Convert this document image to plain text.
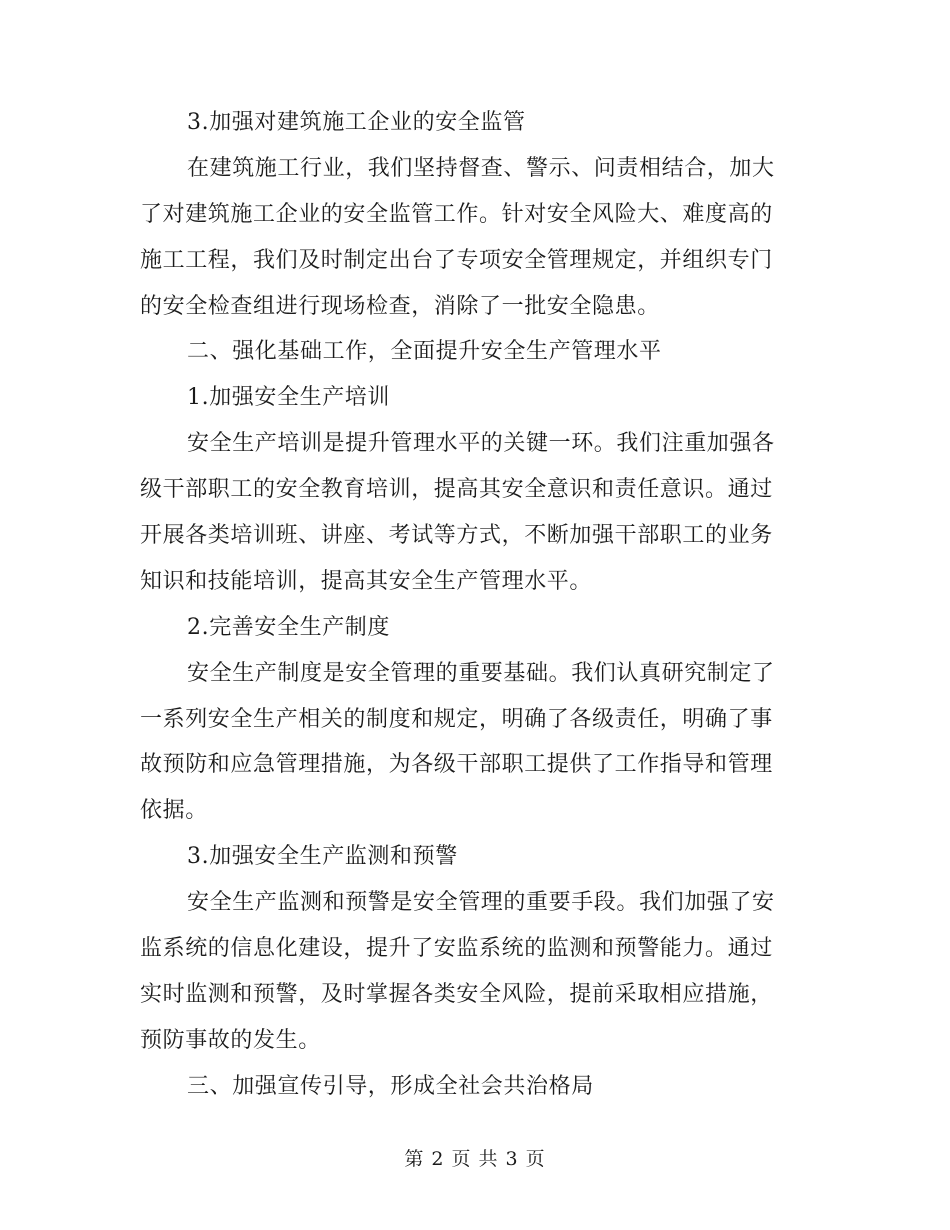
3.加强对建筑施工企业的安全监管
在建筑施工行业，我们坚持督查、警示、问责相结合，加大
了对建筑施工企业的安全监管工作。针对安全风险大、难度高的
施工工程，我们及时制定出台了专项安全管理规定，并组织专门
的安全检查组进行现场检查，消除了一批安全隐患。
二、强化基础工作，全面提升安全生产管理水平
1.加强安全生产培训
安全生产培训是提升管理水平的关键一环。我们注重加强各
级干部职工的安全教育培训，提高其安全意识和责任意识。通过
开展各类培训班、讲座、考试等方式，不断加强干部职工的业务
知识和技能培训，提高其安全生产管理水平。
2.完善安全生产制度
安全生产制度是安全管理的重要基础。我们认真研究制定了
一系列安全生产相关的制度和规定，明确了各级责任，明确了事
故预防和应急管理措施，为各级干部职工提供了工作指导和管理
依据。
3.加强安全生产监测和预警
安全生产监测和预警是安全管理的重要手段。我们加强了安
监系统的信息化建设，提升了安监系统的监测和预警能力。通过
实时监测和预警，及时掌握各类安全风险，提前采取相应措施，
预防事故的发生。
三、加强宣传引导，形成全社会共治格局
第 2 页 共 3 页
